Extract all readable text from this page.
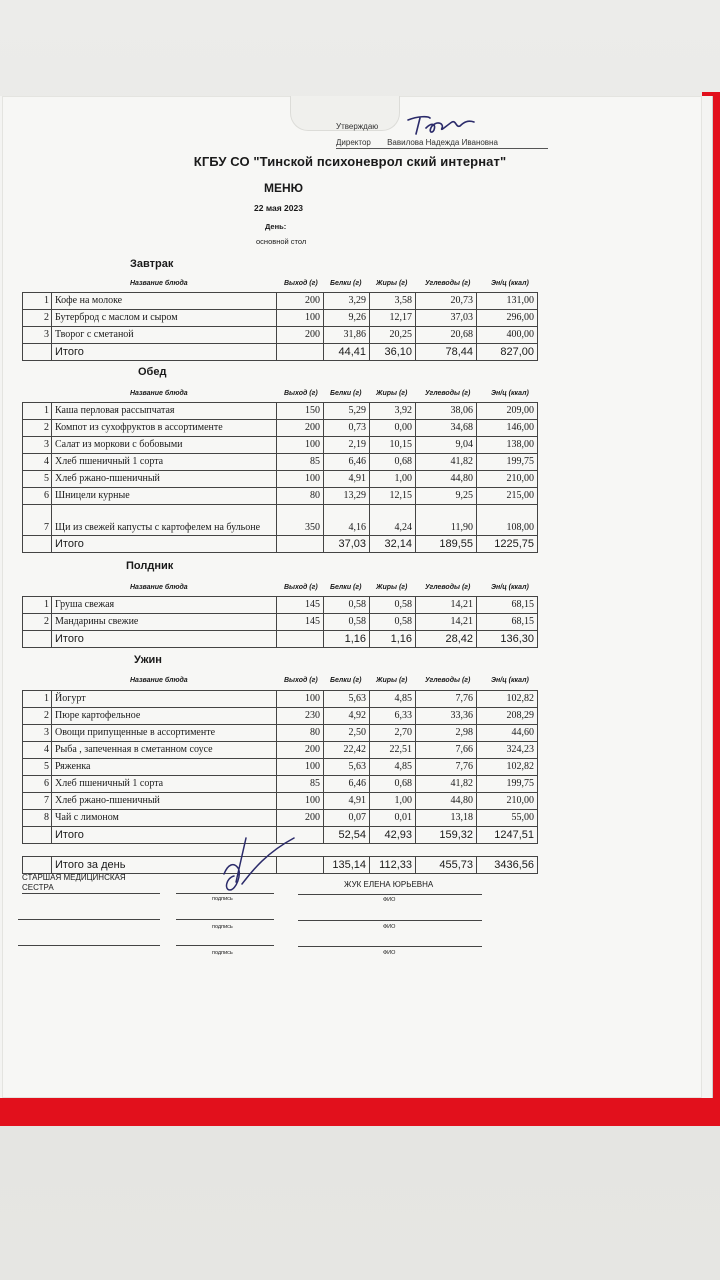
Утверждаю
Директор Вавилова Надежда Ивановна
КГБУ СО "Тинской психоневрол ский интернат"
МЕНЮ
22 мая 2023
День:
основной стол
Завтрак
Название блюда	Выход (г) Белки (г) Жиры (г)	Углеводы (г)	Эн/ц (ккал)
1	Кофе на молоке	200	3,29	3,58	20,73	131,00
2	Бутерброд с маслом и сыром	100	9,26	12,17	37,03	296,00
3	Творог с сметаной	200	31,86	20,25	20,68	400,00
	Итого		44,41	36,10	78,44	827,00
Обед
Название блюда	Выход (г) Белки (г) Жиры (г)	Углеводы (г)	Эн/ц (ккал)
1	Каша перловая рассыпчатая	150	5,29	3,92	38,06	209,00
2	Компот из сухофруктов в ассортименте	200	0,73	0,00	34,68	146,00
3	Салат из моркови с бобовыми	100	2,19	10,15	9,04	138,00
4	Хлеб пшеничный 1 сорта	85	6,46	0,68	41,82	199,75
5	Хлеб ржано-пшеничный	100	4,91	1,00	44,80	210,00
6	Шницели курные	80	13,29	12,15	9,25	215,00
7	Щи из свежей капусты с картофелем на бульоне	350	4,16	4,24	11,90	108,00
	Итого		37,03	32,14	189,55	1225,75
Полдник
Название блюда	Выход (г) Белки (г) Жиры (г)	Углеводы (г)	Эн/ц (ккал)
1	Груша свежая	145	0,58	0,58	14,21	68,15
2	Мандарины свежие	145	0,58	0,58	14,21	68,15
	Итого		1,16	1,16	28,42	136,30
Ужин
Название блюда	Выход (г) Белки (г) Жиры (г)	Углеводы (г)	Эн/ц (ккал)
1	Йогурт	100	5,63	4,85	7,76	102,82
2	Пюре картофельное	230	4,92	6,33	33,36	208,29
3	Овощи припущенные в ассортименте	80	2,50	2,70	2,98	44,60
4	Рыба , запеченная в сметанном соусе	200	22,42	22,51	7,66	324,23
5	Ряженка	100	5,63	4,85	7,76	102,82
6	Хлеб пшеничный 1 сорта	85	6,46	0,68	41,82	199,75
7	Хлеб ржано-пшеничный	100	4,91	1,00	44,80	210,00
8	Чай с лимоном	200	0,07	0,01	13,18	55,00
	Итого		52,54	42,93	159,32	1247,51
	Итого за день		135,14	112,33	455,73	3436,56
СТАРШАЯ МЕДИЦИНСКАЯ СЕСТРА	ЖУК ЕЛЕНА ЮРЬЕВНА
подпись	ФИО
подпись	ФИО
подпись	ФИО
